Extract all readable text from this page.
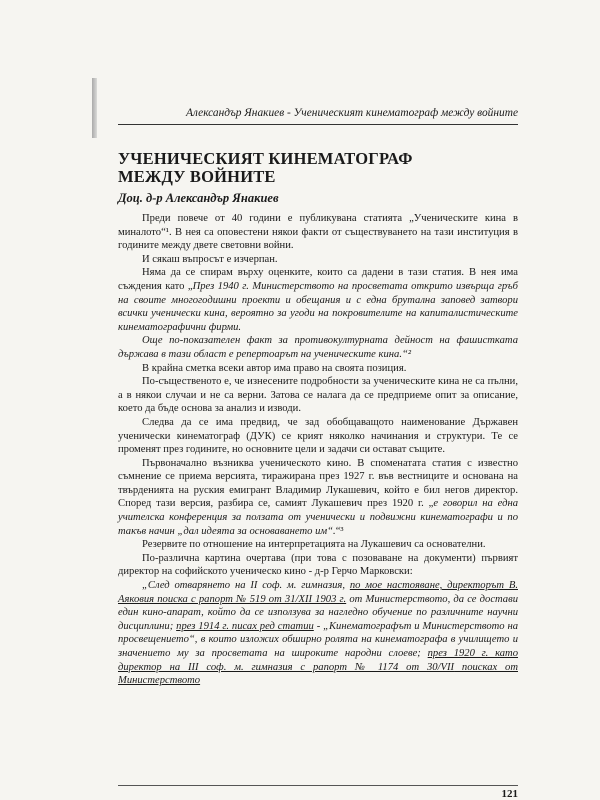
Александър Янакиев - Ученическият кинематограф между войните
УЧЕНИЧЕСКИЯТ КИНЕМАТОГРАФ
МЕЖДУ ВОЙНИТЕ
Доц. д-р Александър Янакиев

Преди повече от 40 години е публикувана статията „Ученическите кина в миналото“¹. В нея са оповестени някои факти от съществуването на тази институция в годините между двете световни войни.

И сякаш въпросът е изчерпан.

Няма да се спирам върху оценките, които са дадени в тази статия. В нея има съждения като „През 1940 г. Министерството на просветата открито извърща гръб на своите многогодишни проекти и обещания и с една брутална заповед затвори всички ученически кина, вероятно за угоди на покровителите на капиталистическите кинематографични фирми.

Още по-показателен факт за противокултурната дейност на фашистката държава в тази област е репертоарът на ученическите кина.“²

В крайна сметка всеки автор има право на своята позиция.

По-същественото е, че изнесените подробности за ученическите кина не са пълни, а в някои случаи и не са верни. Затова се налага да се предприеме опит за описание, което да бъде основа за анализ и изводи.

Следва да се има предвид, че зад обобщаващото наименование Държавен ученически кинематограф (ДУК) се крият няколко начинания и структури. Те се променят през годините, но основните цели и задачи си остават същите.

Първоначално възниква ученическото кино. В споменатата статия с известно съмнение се приема версията, тиражирана през 1927 г. във вестниците и основана на твърденията на руския емигрант Владимир Лукашевич, който е бил негов директор. Според тази версия, разбира се, самият Лукашевич през 1920 г. „е говорил на една учителска конференция за ползата от ученически и подвижни кинематографи и по такъв начин „дал идеята за основаването им“.“³

Резервите по отношение на интерпретацията на Лукашевич са основателни.

По-различна картина очертава (при това с позоваване на документи) първият директор на софийското ученическо кино - д-р Герчо Марковски:

„След отварянето на II соф. м. гимназия, по мое настояване, директорът В. Аяковия поиска с рапорт № 519 от 31/XII 1903 г. от Министерството, да се достави един кино-апарат, който да се използува за нагледно обучение по различните научни дисциплини; през 1914 г. писах ред статии - „Кинематографът и Министерството на просвещението“, в които изложих обширно ролята на кинематографа в училището и значението му за просветата на широките народни слоеве; през 1920 г. като директор на III соф. м. гимназия с рапорт № 1174 от 30/VII поисках от Министерството

121
